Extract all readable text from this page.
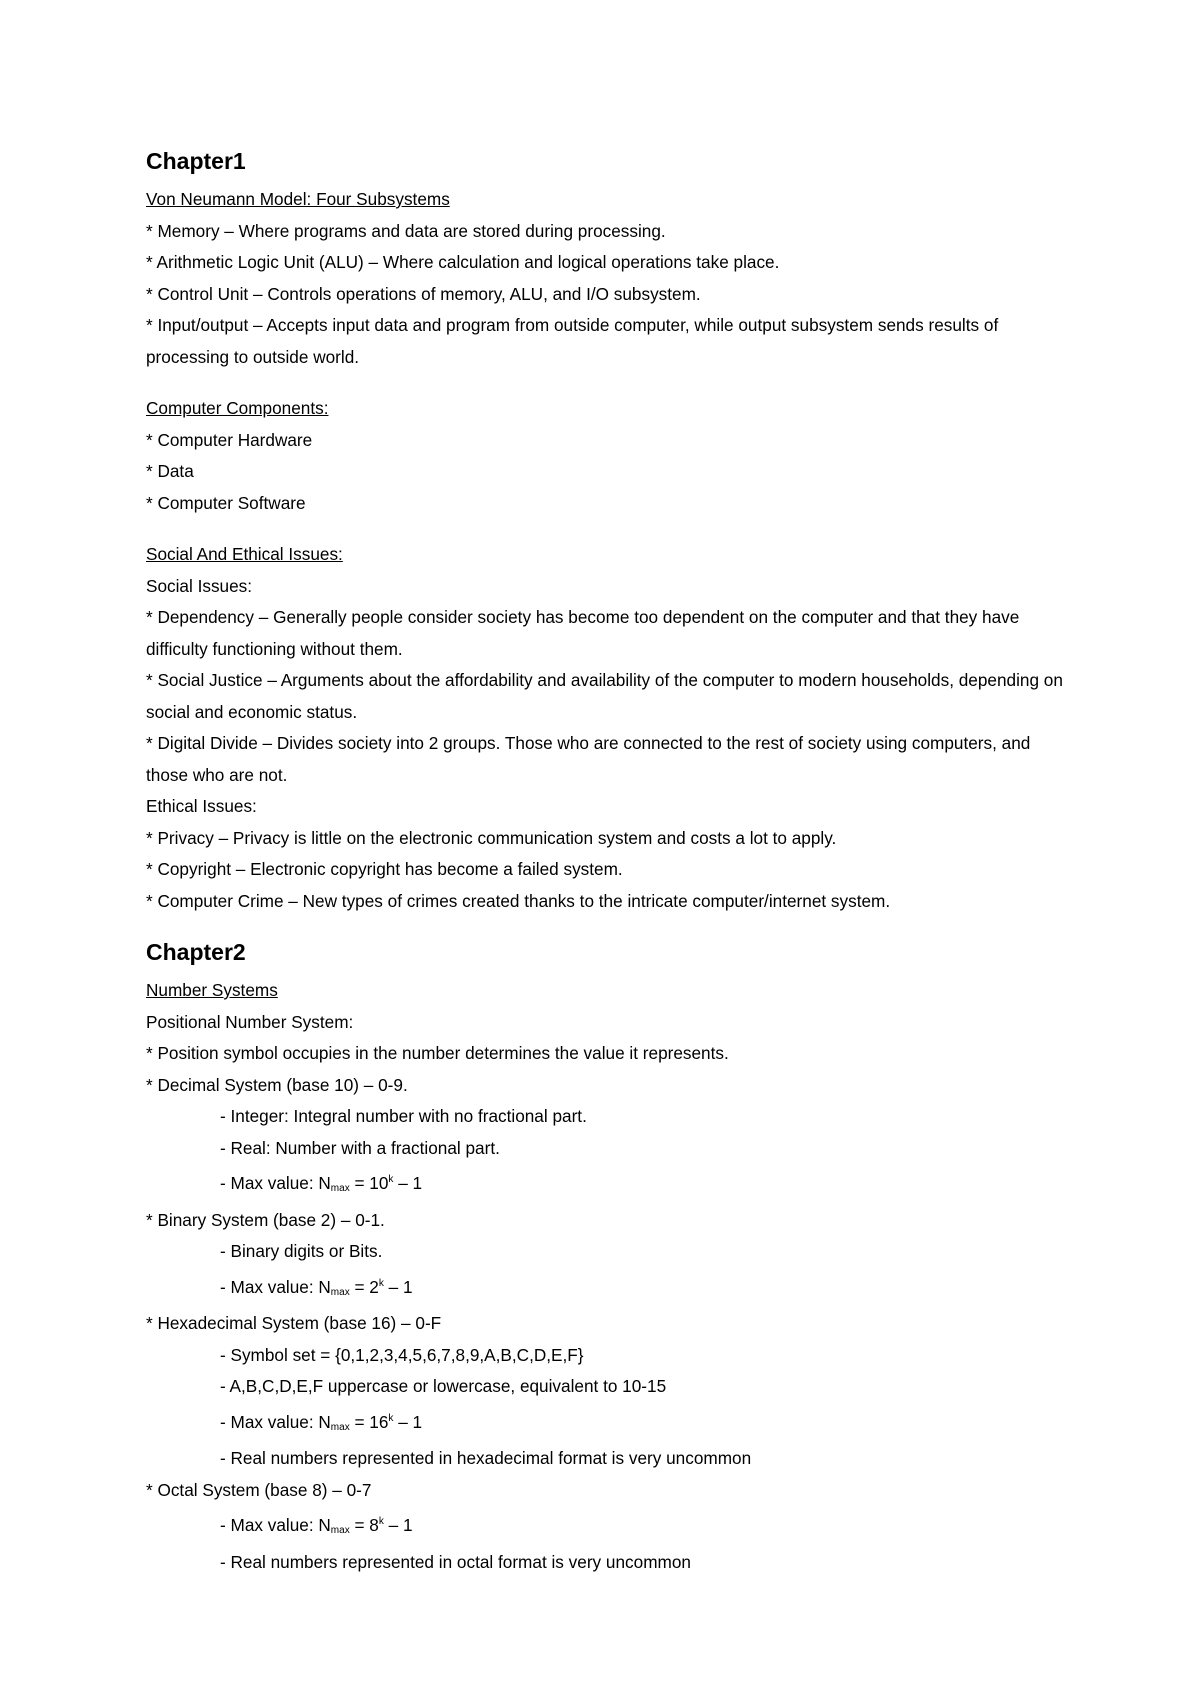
Chapter1

Von Neumann Model: Four Subsystems

* Memory – Where programs and data are stored during processing.

* Arithmetic Logic Unit (ALU) – Where calculation and logical operations take place.

* Control Unit – Controls operations of memory, ALU, and I/O subsystem.

* Input/output – Accepts input data and program from outside computer, while output subsystem sends results of processing to outside world.

Computer Components:

* Computer Hardware

* Data

* Computer Software

Social And Ethical Issues:

Social Issues:

* Dependency – Generally people consider society has become too dependent on the computer and that they have difficulty functioning without them.

* Social Justice – Arguments about the affordability and availability of the computer to modern households, depending on social and economic status.

* Digital Divide – Divides society into 2 groups. Those who are connected to the rest of society using computers, and those who are not.

Ethical Issues:

* Privacy – Privacy is little on the electronic communication system and costs a lot to apply.

* Copyright – Electronic copyright has become a failed system.

* Computer Crime – New types of crimes created thanks to the intricate computer/internet system.

Chapter2

Number Systems

Positional Number System:

* Position symbol occupies in the number determines the value it represents.

* Decimal System (base 10) – 0-9.

- Integer: Integral number with no fractional part.

- Real: Number with a fractional part.

- Max value: $Nmax = 10^k - 1$

* Binary System (base 2) – 0-1.

- Binary digits or Bits.

- Max value: $Nmax = 2^k - 1$

* Hexadecimal System (base 16) – 0-F

- Symbol set = {0,1,2,3,4,5,6,7,8,9,A,B,C,D,E,F}

- A,B,C,D,E,F uppercase or lowercase, equivalent to 10-15

- Max value: $Nmax = 16^k - 1$

- Real numbers represented in hexadecimal format is very uncommon

* Octal System (base 8) – 0-7

- Max value: $Nmax = 8^k - 1$

- Real numbers represented in octal format is very uncommon
